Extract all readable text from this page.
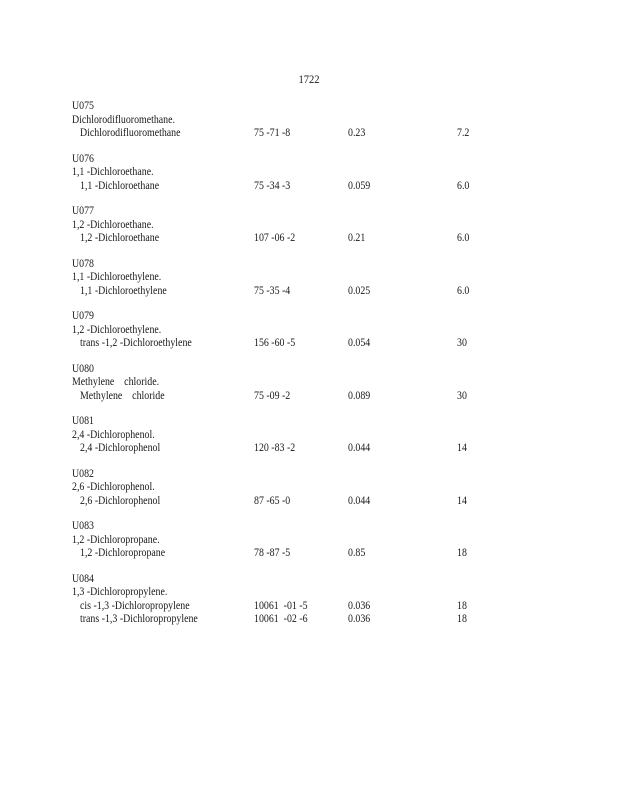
1722
U075
Dichlorodifluoromethane.
Dichlorodifluoromethane	75 -71 -8	0.23	7.2
U076
1,1 -Dichloroethane.
1,1 -Dichloroethane	75 -34 -3	0.059	6.0
U077
1,2 -Dichloroethane.
1,2 -Dichloroethane	107 -06 -2	0.21	6.0
U078
1,1 -Dichloroethylene.
1,1 -Dichloroethylene	75 -35 -4	0.025	6.0
U079
1,2 -Dichloroethylene.
trans -1,2 -Dichloroethylene	156 -60 -5	0.054	30
U080
Methylene    chloride.
Methylene    chloride	75 -09 -2	0.089	30
U081
2,4 -Dichlorophenol.
2,4 -Dichlorophenol	120 -83 -2	0.044	14
U082
2,6 -Dichlorophenol.
2,6 -Dichlorophenol	87 -65 -0	0.044	14
U083
1,2 -Dichloropropane.
1,2 -Dichloropropane	78 -87 -5	0.85	18
U084
1,3 -Dichloropropylene.
cis -1,3 -Dichloropropylene	10061  -01 -5	0.036	18
trans -1,3 -Dichloropropylene	10061  -02 -6	0.036	18
